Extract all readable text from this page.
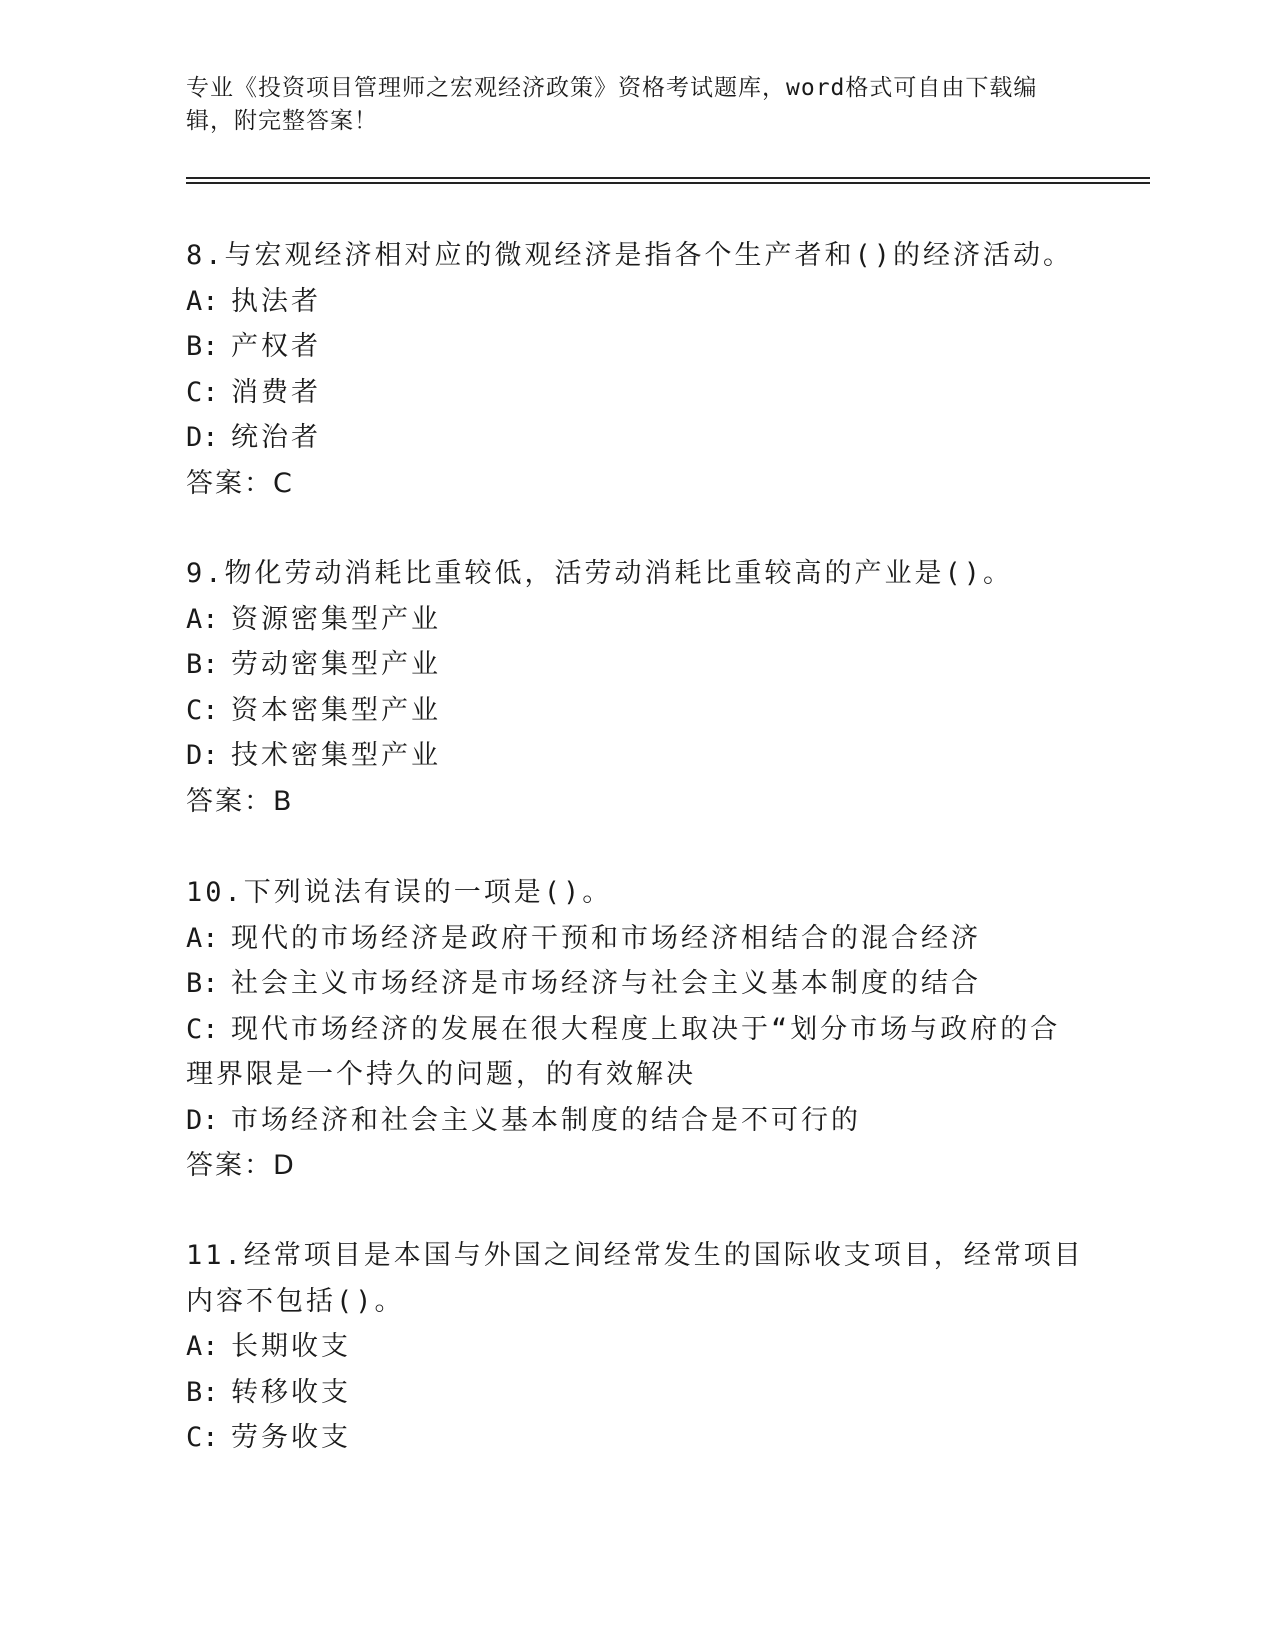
专业《投资项目管理师之宏观经济政策》资格考试题库，word格式可自由下载编辑，附完整答案！
8.与宏观经济相对应的微观经济是指各个生产者和()的经济活动。
A: 执法者
B: 产权者
C: 消费者
D: 统治者
答案：C
9.物化劳动消耗比重较低，活劳动消耗比重较高的产业是()。
A: 资源密集型产业
B: 劳动密集型产业
C: 资本密集型产业
D: 技术密集型产业
答案：B
10.下列说法有误的一项是()。
A: 现代的市场经济是政府干预和市场经济相结合的混合经济
B: 社会主义市场经济是市场经济与社会主义基本制度的结合
C: 现代市场经济的发展在很大程度上取决于“划分市场与政府的合理界限是一个持久的问题，的有效解决
D: 市场经济和社会主义基本制度的结合是不可行的
答案：D
11.经常项目是本国与外国之间经常发生的国际收支项目，经常项目内容不包括()。
A: 长期收支
B: 转移收支
C: 劳务收支
